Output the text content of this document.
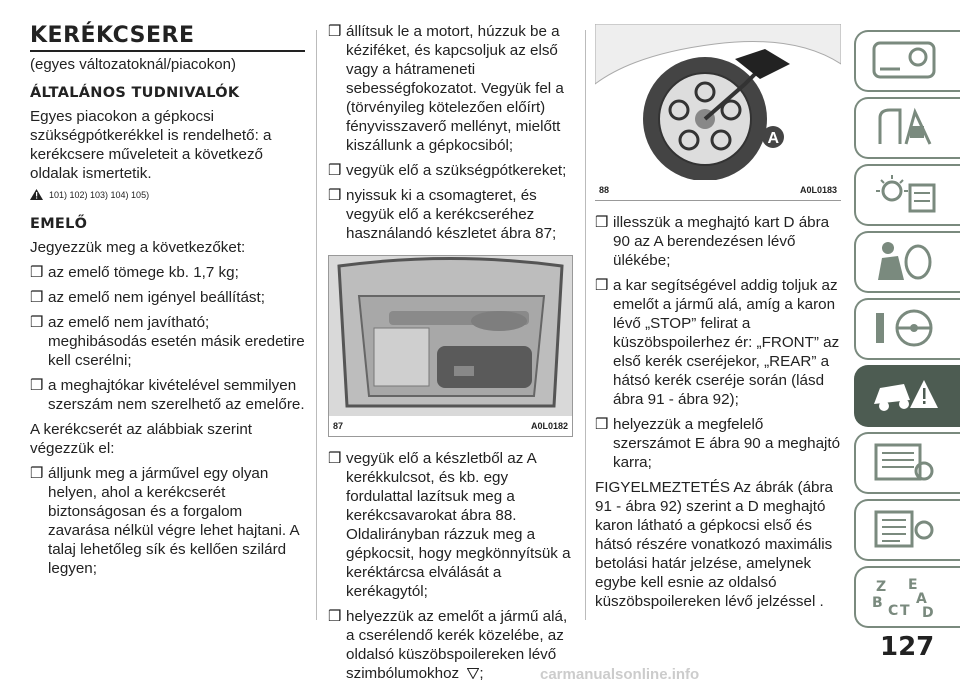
KERÉKCSERE
(egyes változatoknál/piacokon)
ÁLTALÁNOS TUDNIVALÓK

Egyes piacokon a gépkocsi szükségpótkerékkel is rendelhető: a kerékcsere műveleteit a következő oldalak ismertetik.

101) 102) 103) 104) 105)
EMELŐ

Jegyezzük meg a következőket:

❒ az emelő tömege kb. 1,7 kg;
❒ az emelő nem igényel beállítást;
❒ az emelő nem javítható; meghibásodás esetén másik eredetire kell cserélni;
❒ a meghajtókar kivételével semmilyen szerszám nem szerelhető az emelőre.

A kerékcserét az alábbiak szerint végezzük el:

❒ álljunk meg a járművel egy olyan helyen, ahol a kerékcserét biztonságosan és a forgalom zavarása nélkül végre lehet hajtani. A talaj lehetőleg sík és kellően szilárd legyen;
❒ állítsuk le a motort, húzzuk be a kéziféket, és kapcsoljuk az első vagy a hátrameneti sebességfokozatot. Vegyük fel a (törvényileg kötelezően előírt) fényvisszaverő mellényt, mielőtt kiszállunk a gépkocsiból;
❒ vegyük elő a szükségpótkereket;
❒ nyissuk ki a csomagteret, és vegyük elő a kerékcseréhez használandó készletet ábra 87;
87	A0L0182
❒ vegyük elő a készletből az A kerékkulcsot, és kb. egy fordulattal lazítsuk meg a kerékcsavarokat ábra 88. Oldalirányban rázzuk meg a gépkocsit, hogy megkönnyítsük a keréktárcsa elválását a kerékagytól;
❒ helyezzük az emelőt a jármű alá, a cserélendő kerék közelébe, az oldalsó küszöbspoilereken lévő szimbólumokhoz ;
A
88	A0L0183
❒ illesszük a meghajtó kart D ábra 90 az A berendezésen lévő ülékébe;
❒ a kar segítségével addig toljuk az emelőt a jármű alá, amíg a karon lévő „STOP” felirat a küszöbspoilerhez ér: „FRONT” az első kerék cseréjekor, „REAR” a hátsó kerék cseréje során (lásd ábra 91 - ábra 92);
❒ helyezzük a megfelelő szerszámot E ábra 90 a meghajtó karra;

FIGYELMEZTETÉS Az ábrák (ábra 91 - ábra 92) szerint a D meghajtó karon látható a gépkocsi első és hátsó részére vonatkozó maximális betolási határ jelzése, amelynek egybe kell esnie az oldalsó küszöbspoilereken lévő jelzéssel .

Z E
A
B C D
T
127
carmanualsonline.info
